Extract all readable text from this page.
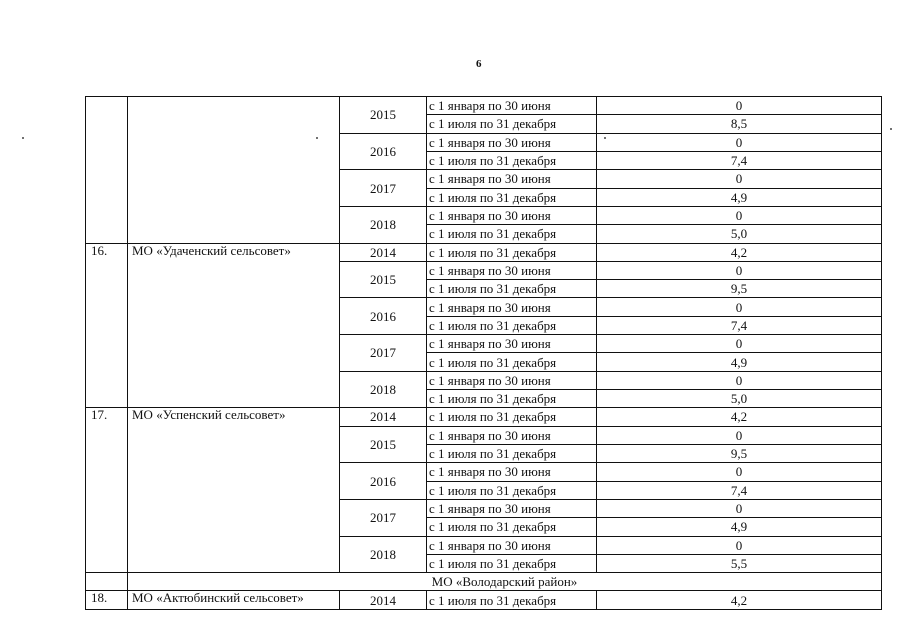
6
		2015	с 1 января по 30 июня	0
			с 1 июля по 31 декабря	8,5
		2016	с 1 января по 30 июня	0
			с 1 июля по 31 декабря	7,4
		2017	с 1 января по 30 июня	0
			с 1 июля по 31 декабря	4,9
		2018	с 1 января по 30 июня	0
			с 1 июля по 31 декабря	5,0
16.	МО «Удаченский сельсовет»	2014	с 1 июля по 31 декабря	4,2
		2015	с 1 января по 30 июня	0
			с 1 июля по 31 декабря	9,5
		2016	с 1 января по 30 июня	0
			с 1 июля по 31 декабря	7,4
		2017	с 1 января по 30 июня	0
			с 1 июля по 31 декабря	4,9
		2018	с 1 января по 30 июня	0
			с 1 июля по 31 декабря	5,0
17.	МО «Успенский сельсовет»	2014	с 1 июля по 31 декабря	4,2
		2015	с 1 января по 30 июня	0
			с 1 июля по 31 декабря	9,5
		2016	с 1 января по 30 июня	0
			с 1 июля по 31 декабря	7,4
		2017	с 1 января по 30 июня	0
			с 1 июля по 31 декабря	4,9
		2018	с 1 января по 30 июня	0
			с 1 июля по 31 декабря	5,5
	МО «Володарский район»			
18.	МО «Актюбинский сельсовет»	2014	с 1 июля по 31 декабря	4,2
